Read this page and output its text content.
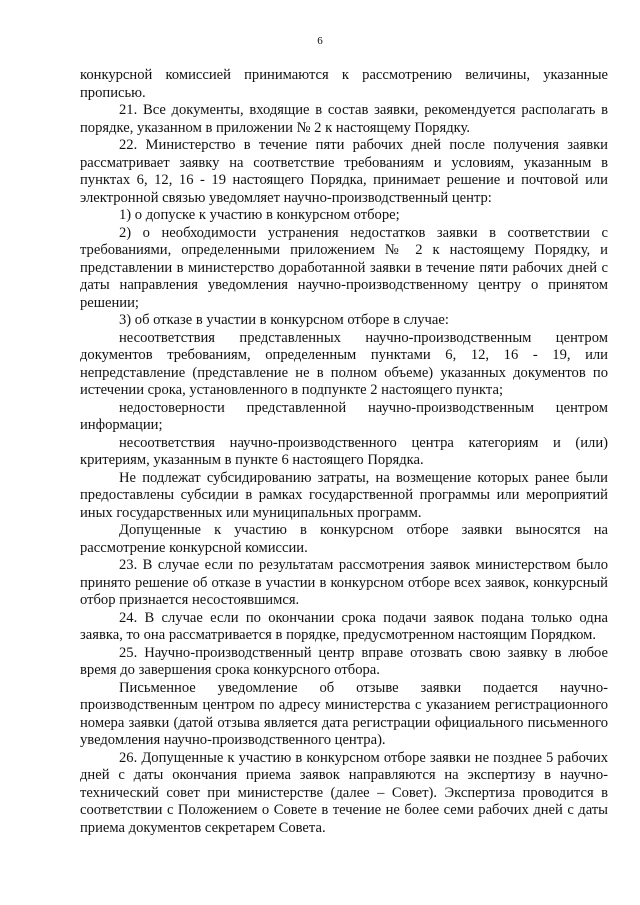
6

конкурсной комиссией принимаются к рассмотрению величины, указанные прописью.

21. Все документы, входящие в состав заявки, рекомендуется располагать в порядке, указанном в приложении № 2 к настоящему Порядку.

22. Министерство в течение пяти рабочих дней после получения заявки рассматривает заявку на соответствие требованиям и условиям, указанным в пунктах 6, 12, 16 - 19 настоящего Порядка, принимает решение и почтовой или электронной связью уведомляет научно-производственный центр:

1) о допуске к участию в конкурсном отборе;

2) о необходимости устранения недостатков заявки в соответствии с требованиями, определенными приложением № 2 к настоящему Порядку, и представлении в министерство доработанной заявки в течение пяти рабочих дней с даты направления уведомления научно-производственному центру о принятом решении;

3) об отказе в участии в конкурсном отборе в случае:

несоответствия представленных научно-производственным центром документов требованиям, определенным пунктами 6, 12, 16 - 19, или непредставление (представление не в полном объеме) указанных документов по истечении срока, установленного в подпункте 2 настоящего пункта;

недостоверности представленной научно-производственным центром информации;

несоответствия научно-производственного центра категориям и (или) критериям, указанным в пункте 6 настоящего Порядка.

Не подлежат субсидированию затраты, на возмещение которых ранее были предоставлены субсидии в рамках государственной программы или мероприятий иных государственных или муниципальных программ.

Допущенные к участию в конкурсном отборе заявки выносятся на рассмотрение конкурсной комиссии.

23. В случае если по результатам рассмотрения заявок министерством было принято решение об отказе в участии в конкурсном отборе всех заявок, конкурсный отбор признается несостоявшимся.

24. В случае если по окончании срока подачи заявок подана только одна заявка, то она рассматривается в порядке, предусмотренном настоящим Порядком.

25. Научно-производственный центр вправе отозвать свою заявку в любое время до завершения срока конкурсного отбора.

Письменное уведомление об отзыве заявки подается научно-производственным центром по адресу министерства с указанием регистрационного номера заявки (датой отзыва является дата регистрации официального письменного уведомления научно-производственного центра).

26. Допущенные к участию в конкурсном отборе заявки не позднее 5 рабочих дней с даты окончания приема заявок направляются на экспертизу в научно-технический совет при министерстве (далее – Совет). Экспертиза проводится в соответствии с Положением о Совете в течение не более семи рабочих дней с даты приема документов секретарем Совета.
